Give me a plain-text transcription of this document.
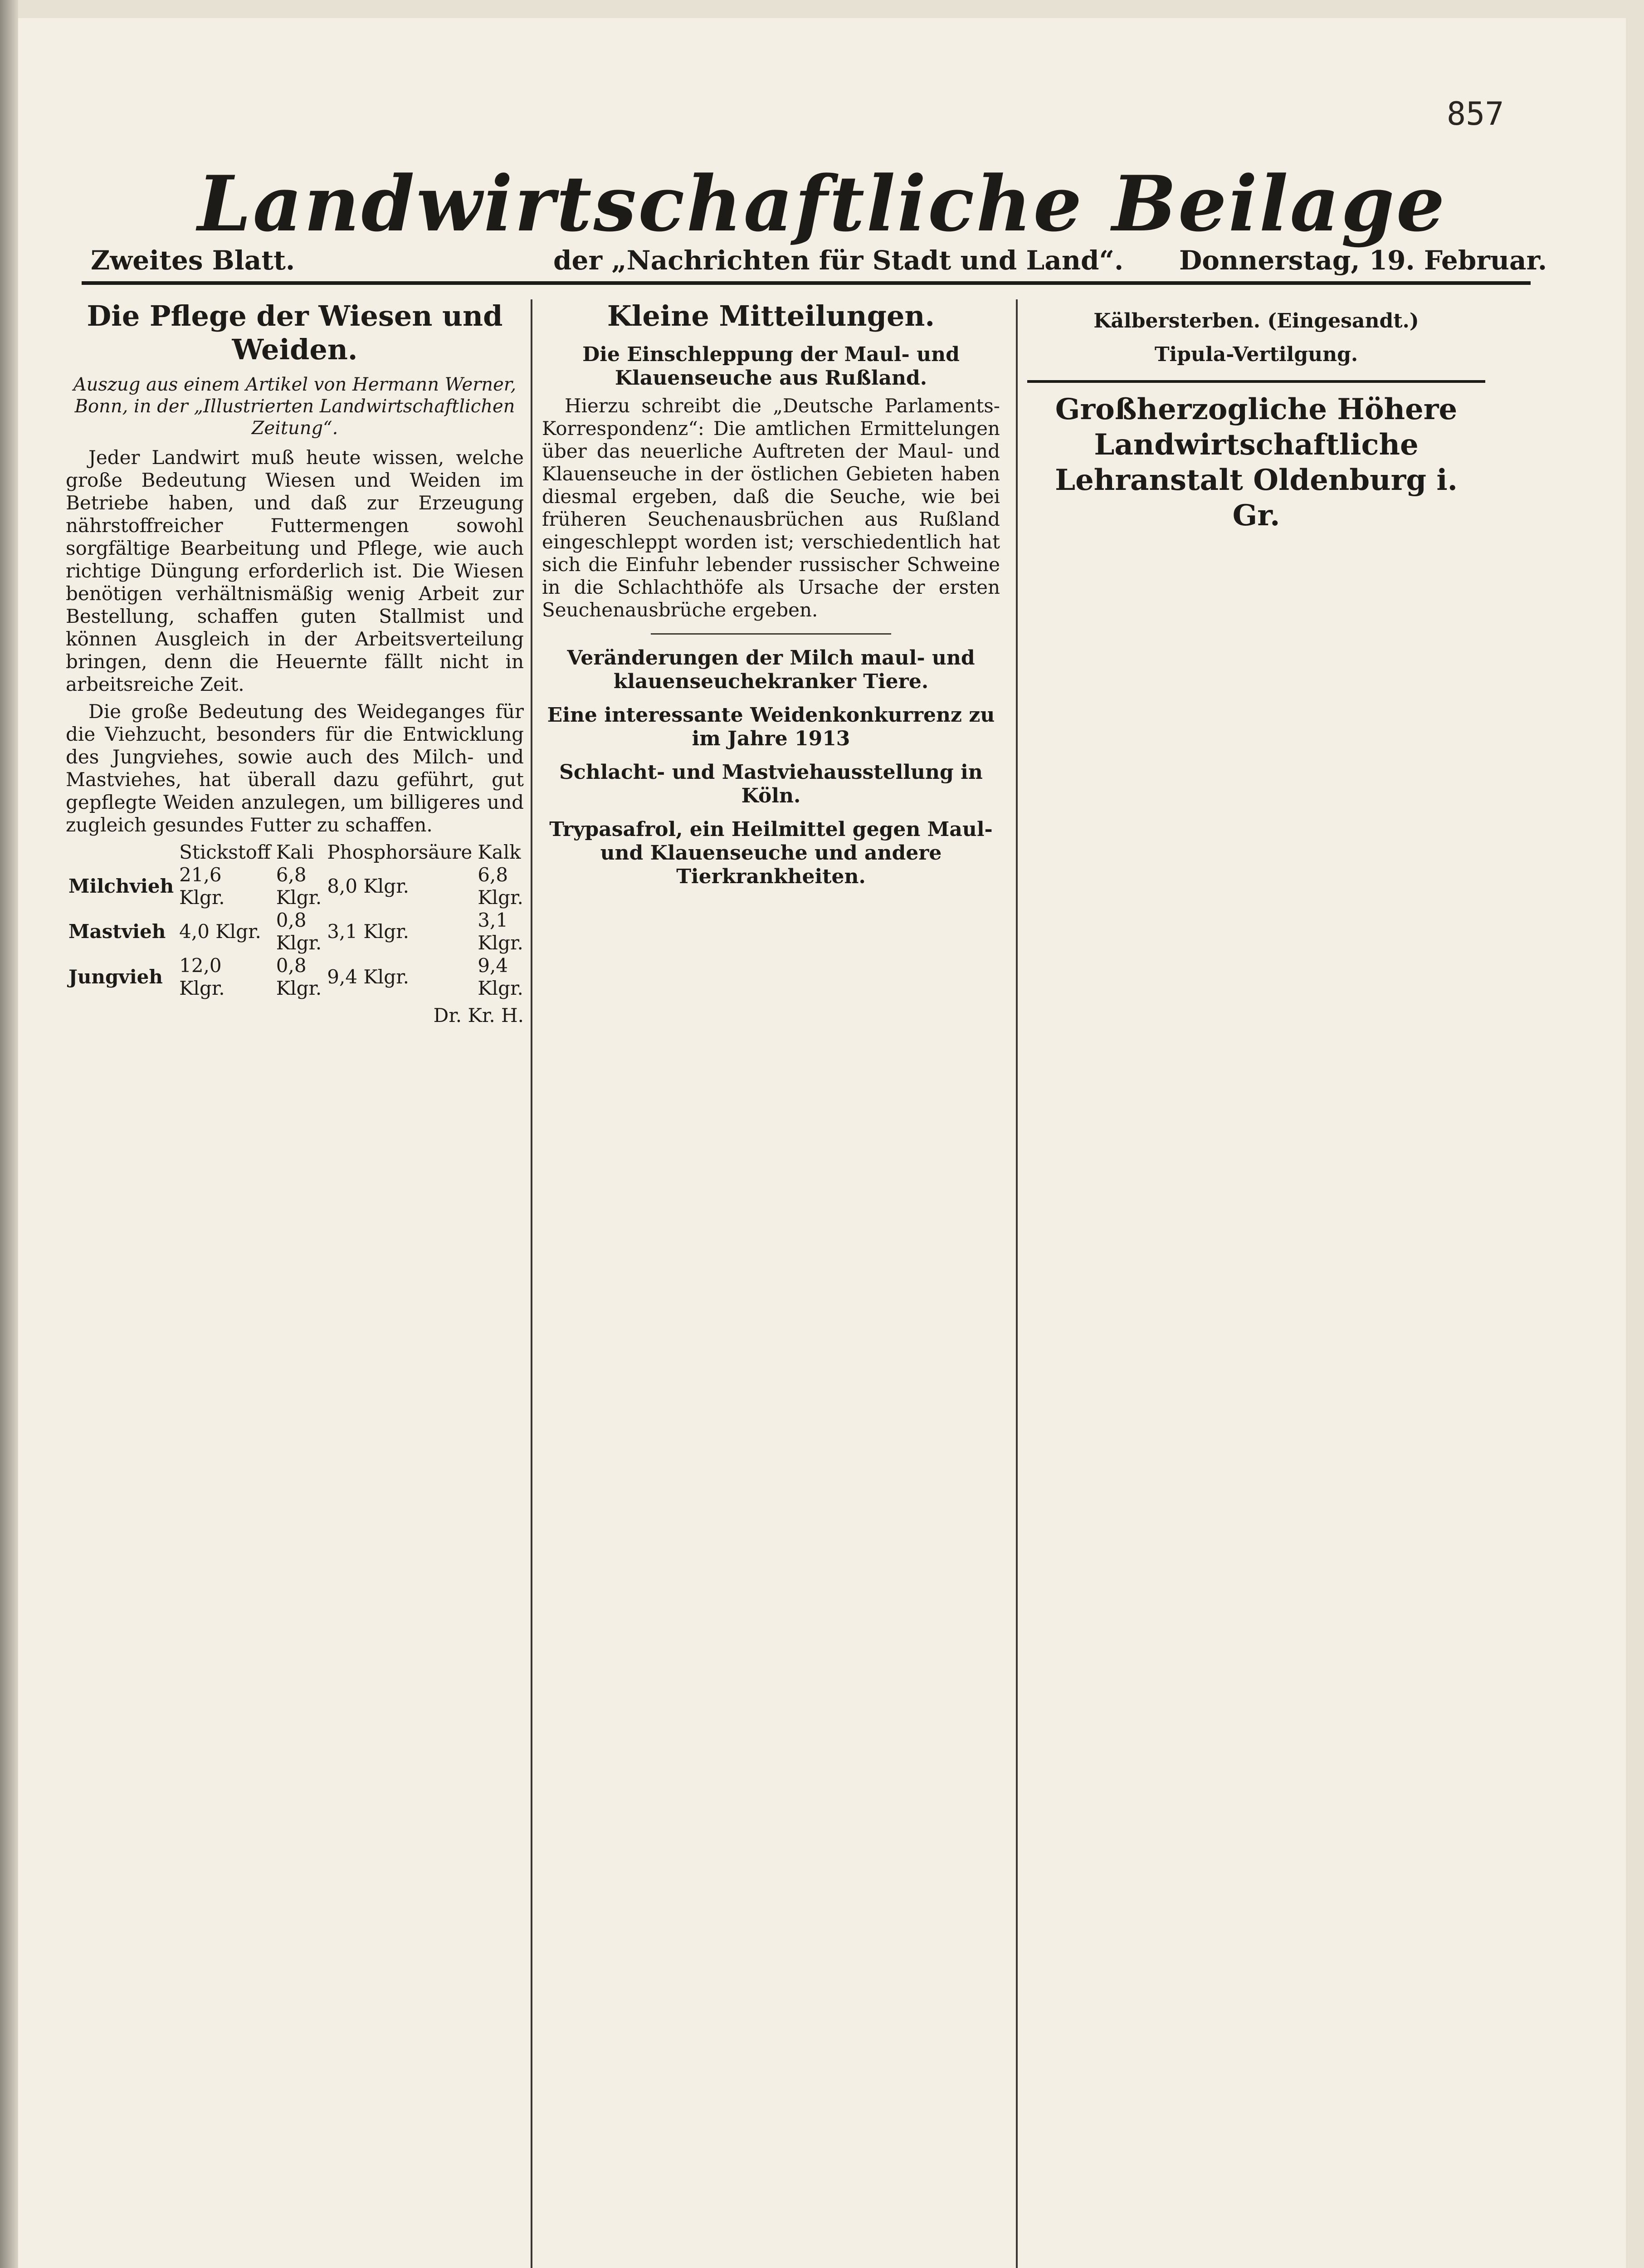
857
Landwirtschaftliche Beilage
Zweites Blatt.	der „Nachrichten für Stadt und Land“. Donnerstag, 19. Februar.
Die Pflege der Wiesen und Weiden.
Auszug aus einem Artikel von Hermann Werner, Bonn, in der „Illustrierten Landwirtschaftlichen Zeitung“.

Jeder Landwirt muß heute wissen, welche große Bedeutung Wiesen und Weiden im Betriebe haben, und daß zur Erzeugung nährstoffreicher Futtermengen sowohl sorgfältige Bearbeitung und Pflege, wie auch richtige Düngung erforderlich ist. Die Wiesen benötigen verhältnismäßig wenig Arbeit zur Bestellung, schaffen guten Stallmist und können Ausgleich in der Arbeitsverteilung bringen, denn die Heuernte fällt nicht in arbeitsreiche Zeit.

Die große Bedeutung des Weideganges für die Viehzucht, besonders für die Entwicklung des Jungviehes, sowie auch des Milch- und Mastviehes, hat überall dazu geführt, gut gepflegte Weiden anzulegen, um billigeres und zugleich gesundes Futter zu schaffen.

	Stickstoff	Kali	Phosphorsäure	Kalk
Milchvieh	21,6 Klgr.	6,8 Klgr.	8,0 Klgr.	6,8 Klgr.
Mastvieh	4,0 Klgr.	0,8 Klgr.	3,1 Klgr.	3,1 Klgr.
Jungvieh	12,0 Klgr.	0,8 Klgr.	9,4 Klgr.	9,4 Klgr.

Dr. Kr. H.

Kleine Mitteilungen.
Die Einschleppung der Maul- und Klauenseuche aus Rußland.

Hierzu schreibt die „Deutsche Parlaments-Korrespondenz“: Die amtlichen Ermittelungen über das neuerliche Auftreten der Maul- und Klauenseuche in der östlichen Gebieten haben diesmal ergeben, daß die Seuche, wie bei früheren Seuchenausbrüchen aus Rußland eingeschleppt worden ist; verschiedentlich hat sich die Einfuhr lebender russischer Schweine in die Schlachthöfe als Ursache der ersten Seuchenausbrüche ergeben.

Veränderungen der Milch maul- und klauenseuchekranker Tiere.
Eine interessante Weidenkonkurrenz zu im Jahre 1913
Schlacht- und Mastviehausstellung in Köln.
Trypasafrol, ein Heilmittel gegen Maul- und Klauenseuche und andere Tierkrankheiten.
Kälbersterben. (Eingesandt.)
Tipula-Vertilgung.
Großherzogliche Höhere Landwirtschaftliche Lehranstalt Oldenburg i. Gr.
